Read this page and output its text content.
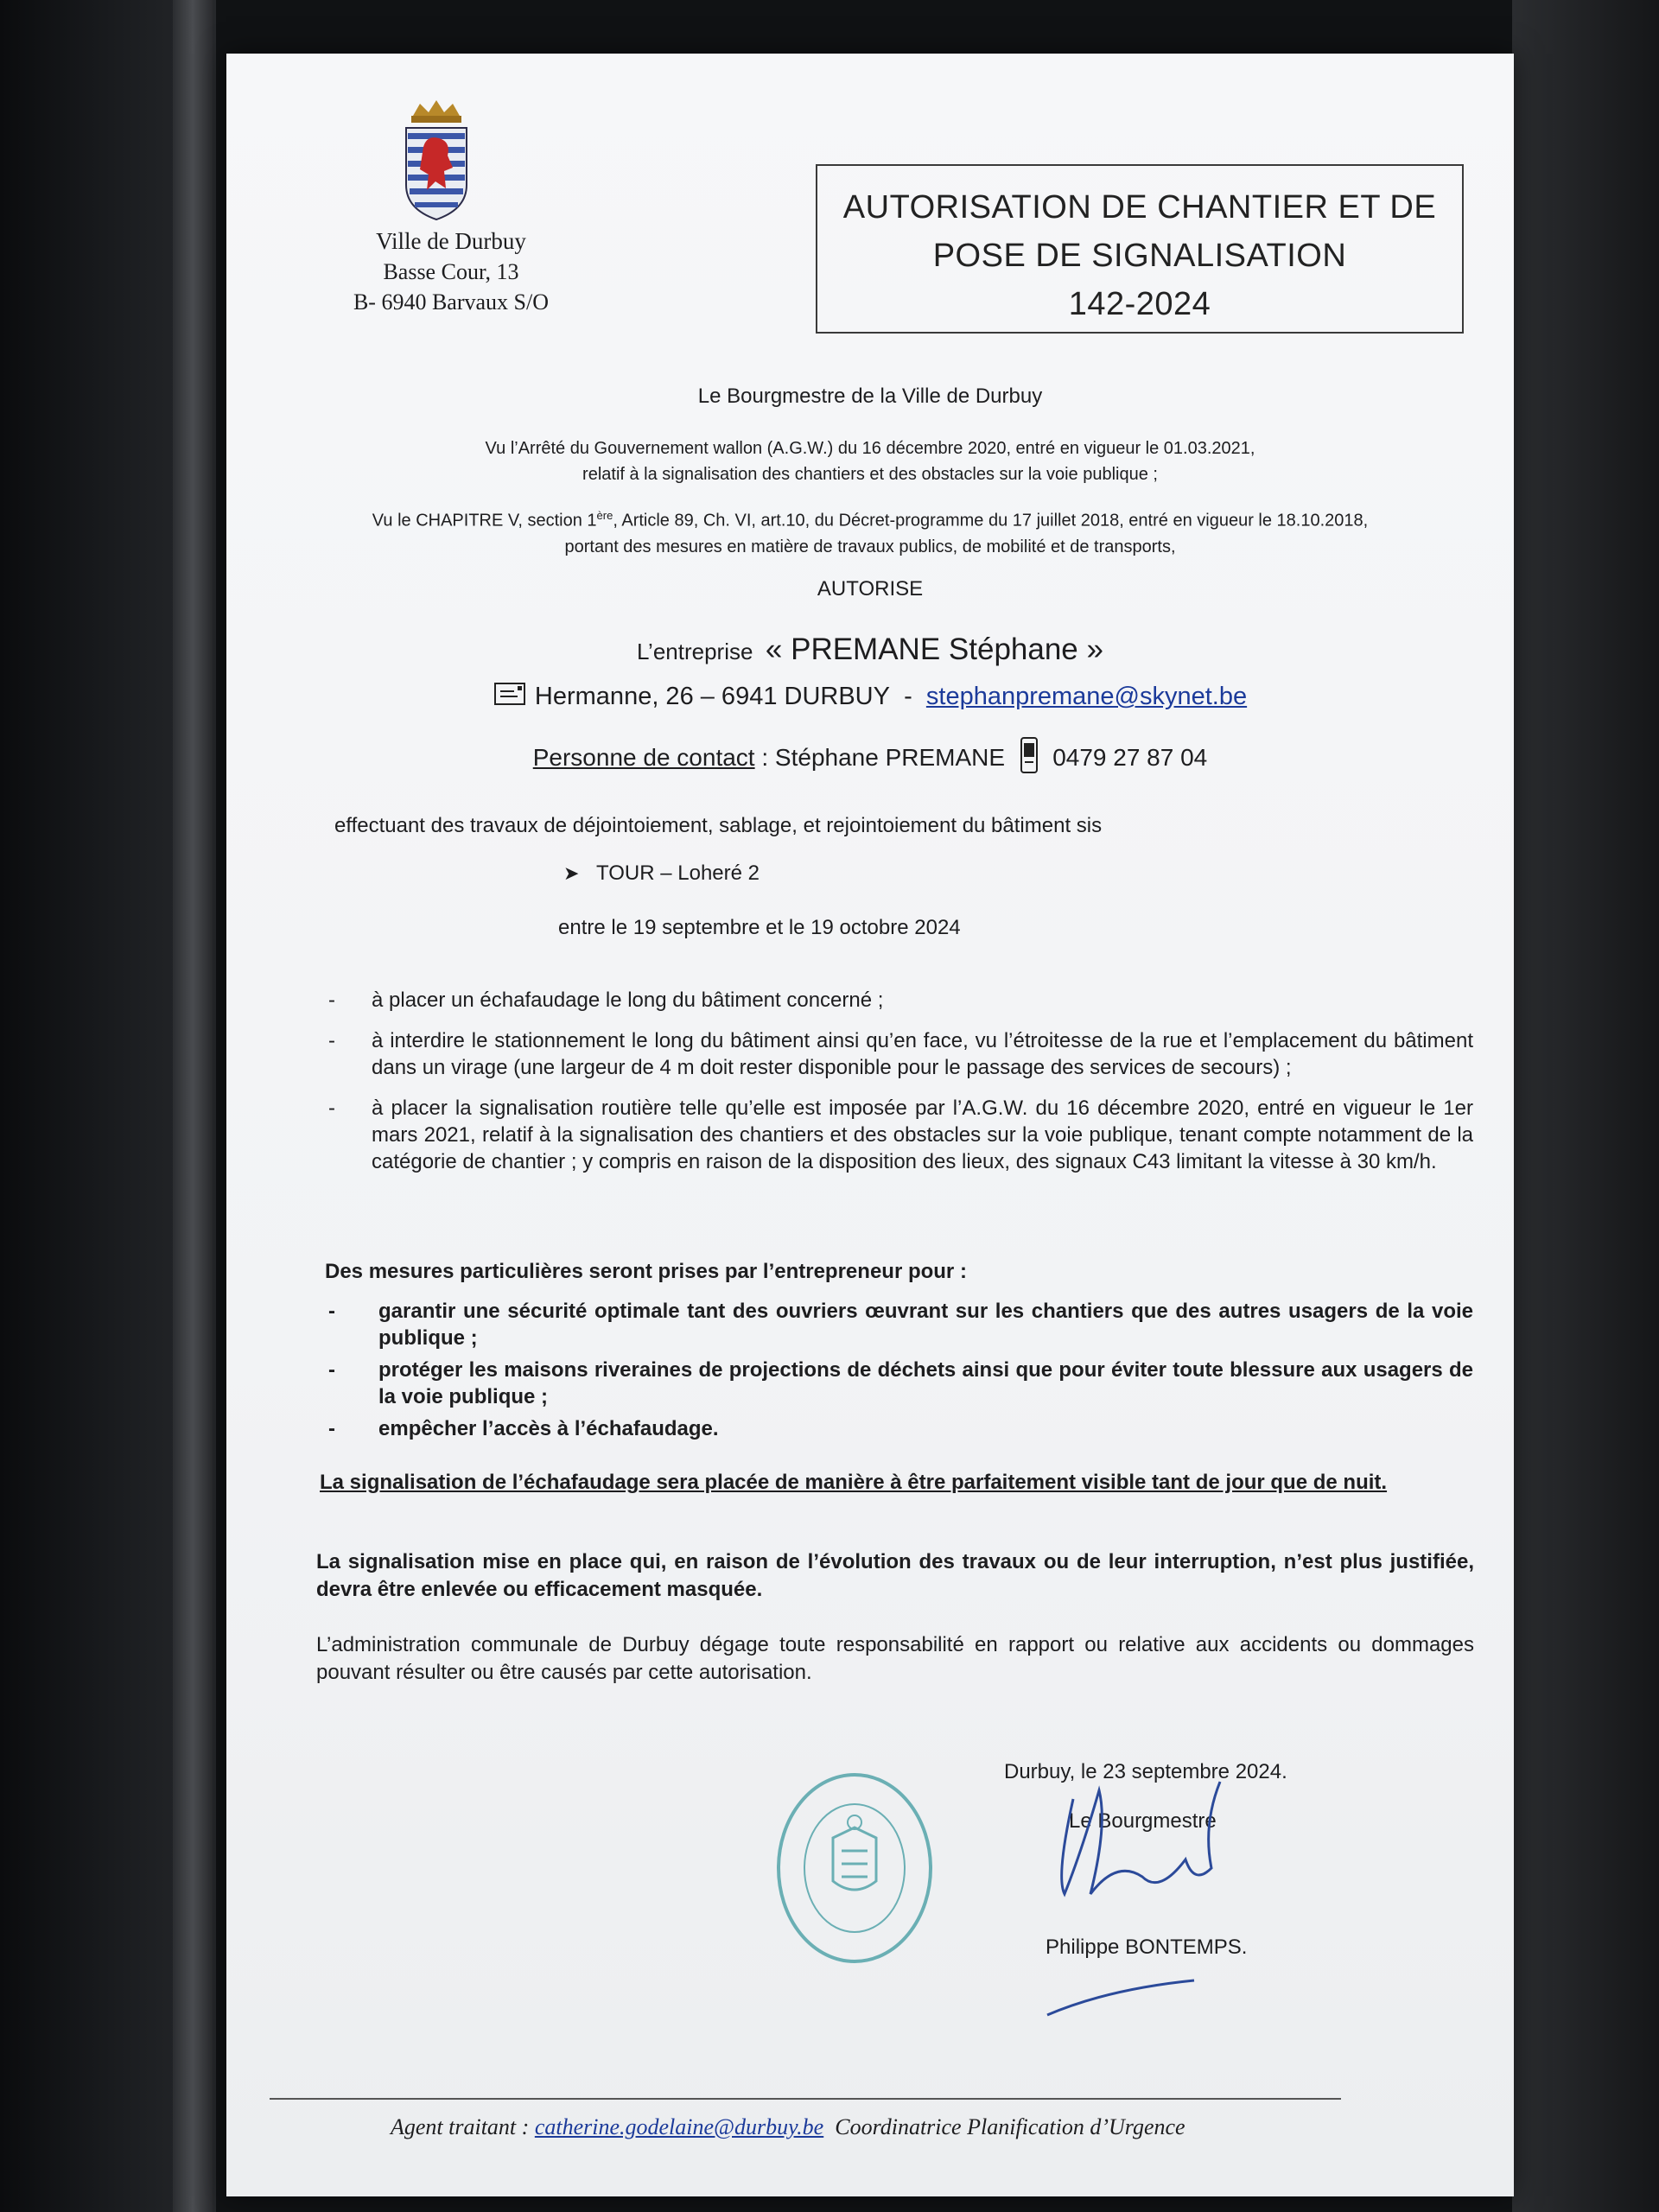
Ville de Durbuy
Basse Cour, 13
B- 6940 Barvaux S/O
AUTORISATION DE CHANTIER ET DE
POSE DE SIGNALISATION
142-2024
Le Bourgmestre de la Ville de Durbuy
Vu l’Arrêté du Gouvernement wallon (A.G.W.) du 16 décembre 2020, entré en vigueur le 01.03.2021,
relatif à la signalisation des chantiers et des obstacles sur la voie publique ;
Vu le CHAPITRE V, section 1ère, Article 89, Ch. VI, art.10, du Décret-programme du 17 juillet 2018, entré en vigueur le 18.10.2018,
portant des mesures en matière de travaux publics, de mobilité et de transports,
AUTORISE
L’entreprise « PREMANE Stéphane »
Hermanne, 26 – 6941 DURBUY - stephanpremane@skynet.be
Personne de contact : Stéphane PREMANE 0479 27 87 04
effectuant des travaux de déjointoiement, sablage, et rejointoiement du bâtiment sis
➤ TOUR – Loheré 2
entre le 19 septembre et le 19 octobre 2024
- à placer un échafaudage le long du bâtiment concerné ;
- à interdire le stationnement le long du bâtiment ainsi qu’en face, vu l’étroitesse de la rue et l’emplacement du bâtiment dans un virage (une largeur de 4 m doit rester disponible pour le passage des services de secours) ;
- à placer la signalisation routière telle qu’elle est imposée par l’A.G.W. du 16 décembre 2020, entré en vigueur le 1er mars 2021, relatif à la signalisation des chantiers et des obstacles sur la voie publique, tenant compte notamment de la catégorie de chantier ; y compris en raison de la disposition des lieux, des signaux C43 limitant la vitesse à 30 km/h.
Des mesures particulières seront prises par l’entrepreneur pour :
- garantir une sécurité optimale tant des ouvriers œuvrant sur les chantiers que des autres usagers de la voie publique ;
- protéger les maisons riveraines de projections de déchets ainsi que pour éviter toute blessure aux usagers de la voie publique ;
- empêcher l’accès à l’échafaudage.
La signalisation de l’échafaudage sera placée de manière à être parfaitement visible tant de jour que de nuit.
La signalisation mise en place qui, en raison de l’évolution des travaux ou de leur interruption, n’est plus justifiée, devra être enlevée ou efficacement masquée.
L’administration communale de Durbuy dégage toute responsabilité en rapport ou relative aux accidents ou dommages pouvant résulter ou être causés par cette autorisation.
Durbuy, le 23 septembre 2024.
Le Bourgmestre
Philippe BONTEMPS.
Agent traitant : catherine.godelaine@durbuy.be Coordinatrice Planification d’Urgence
